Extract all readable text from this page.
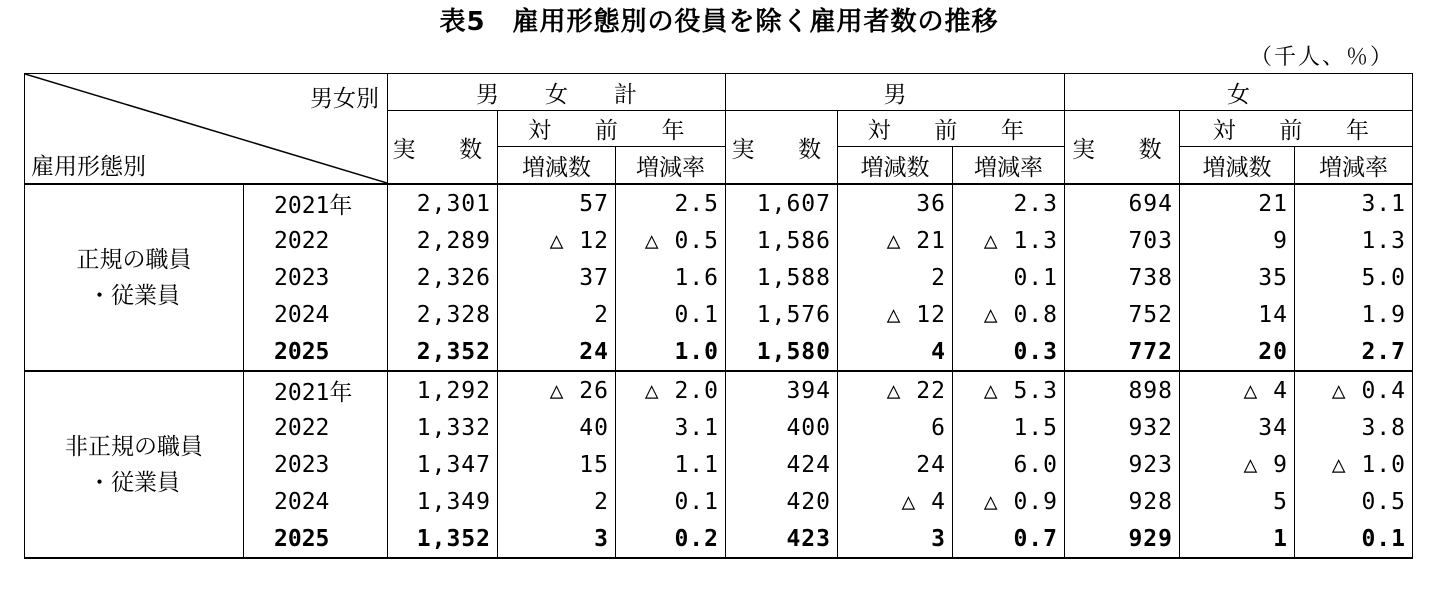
表5　雇用形態別の役員を除く雇用者数の推移
（千人、％）
男女別
雇用形態別		男　　女　　計			男			女		
		実　数	対　前　年		実　数	対　前　年		実　数	対　前　年	
			増減数	増減率		増減数	増減率		増減数	増減率

正規の職員
・従業員	2021年	2,301	57	2.5	1,607	36	2.3	694	21	3.1
	2022	2,289	△ 12	△ 0.5	1,586	△ 21	△ 1.3	703	9	1.3
	2023	2,326	37	1.6	1,588	2	0.1	738	35	5.0
	2024	2,328	2	0.1	1,576	△ 12	△ 0.8	752	14	1.9
	2025	2,352	24	1.0	1,580	4	0.3	772	20	2.7

非正規の職員
・従業員	2021年	1,292	△ 26	△ 2.0	394	△ 22	△ 5.3	898	△ 4	△ 0.4
	2022	1,332	40	3.1	400	6	1.5	932	34	3.8
	2023	1,347	15	1.1	424	24	6.0	923	△ 9	△ 1.0
	2024	1,349	2	0.1	420	△ 4	△ 0.9	928	5	0.5
	2025	1,352	3	0.2	423	3	0.7	929	1	0.1
